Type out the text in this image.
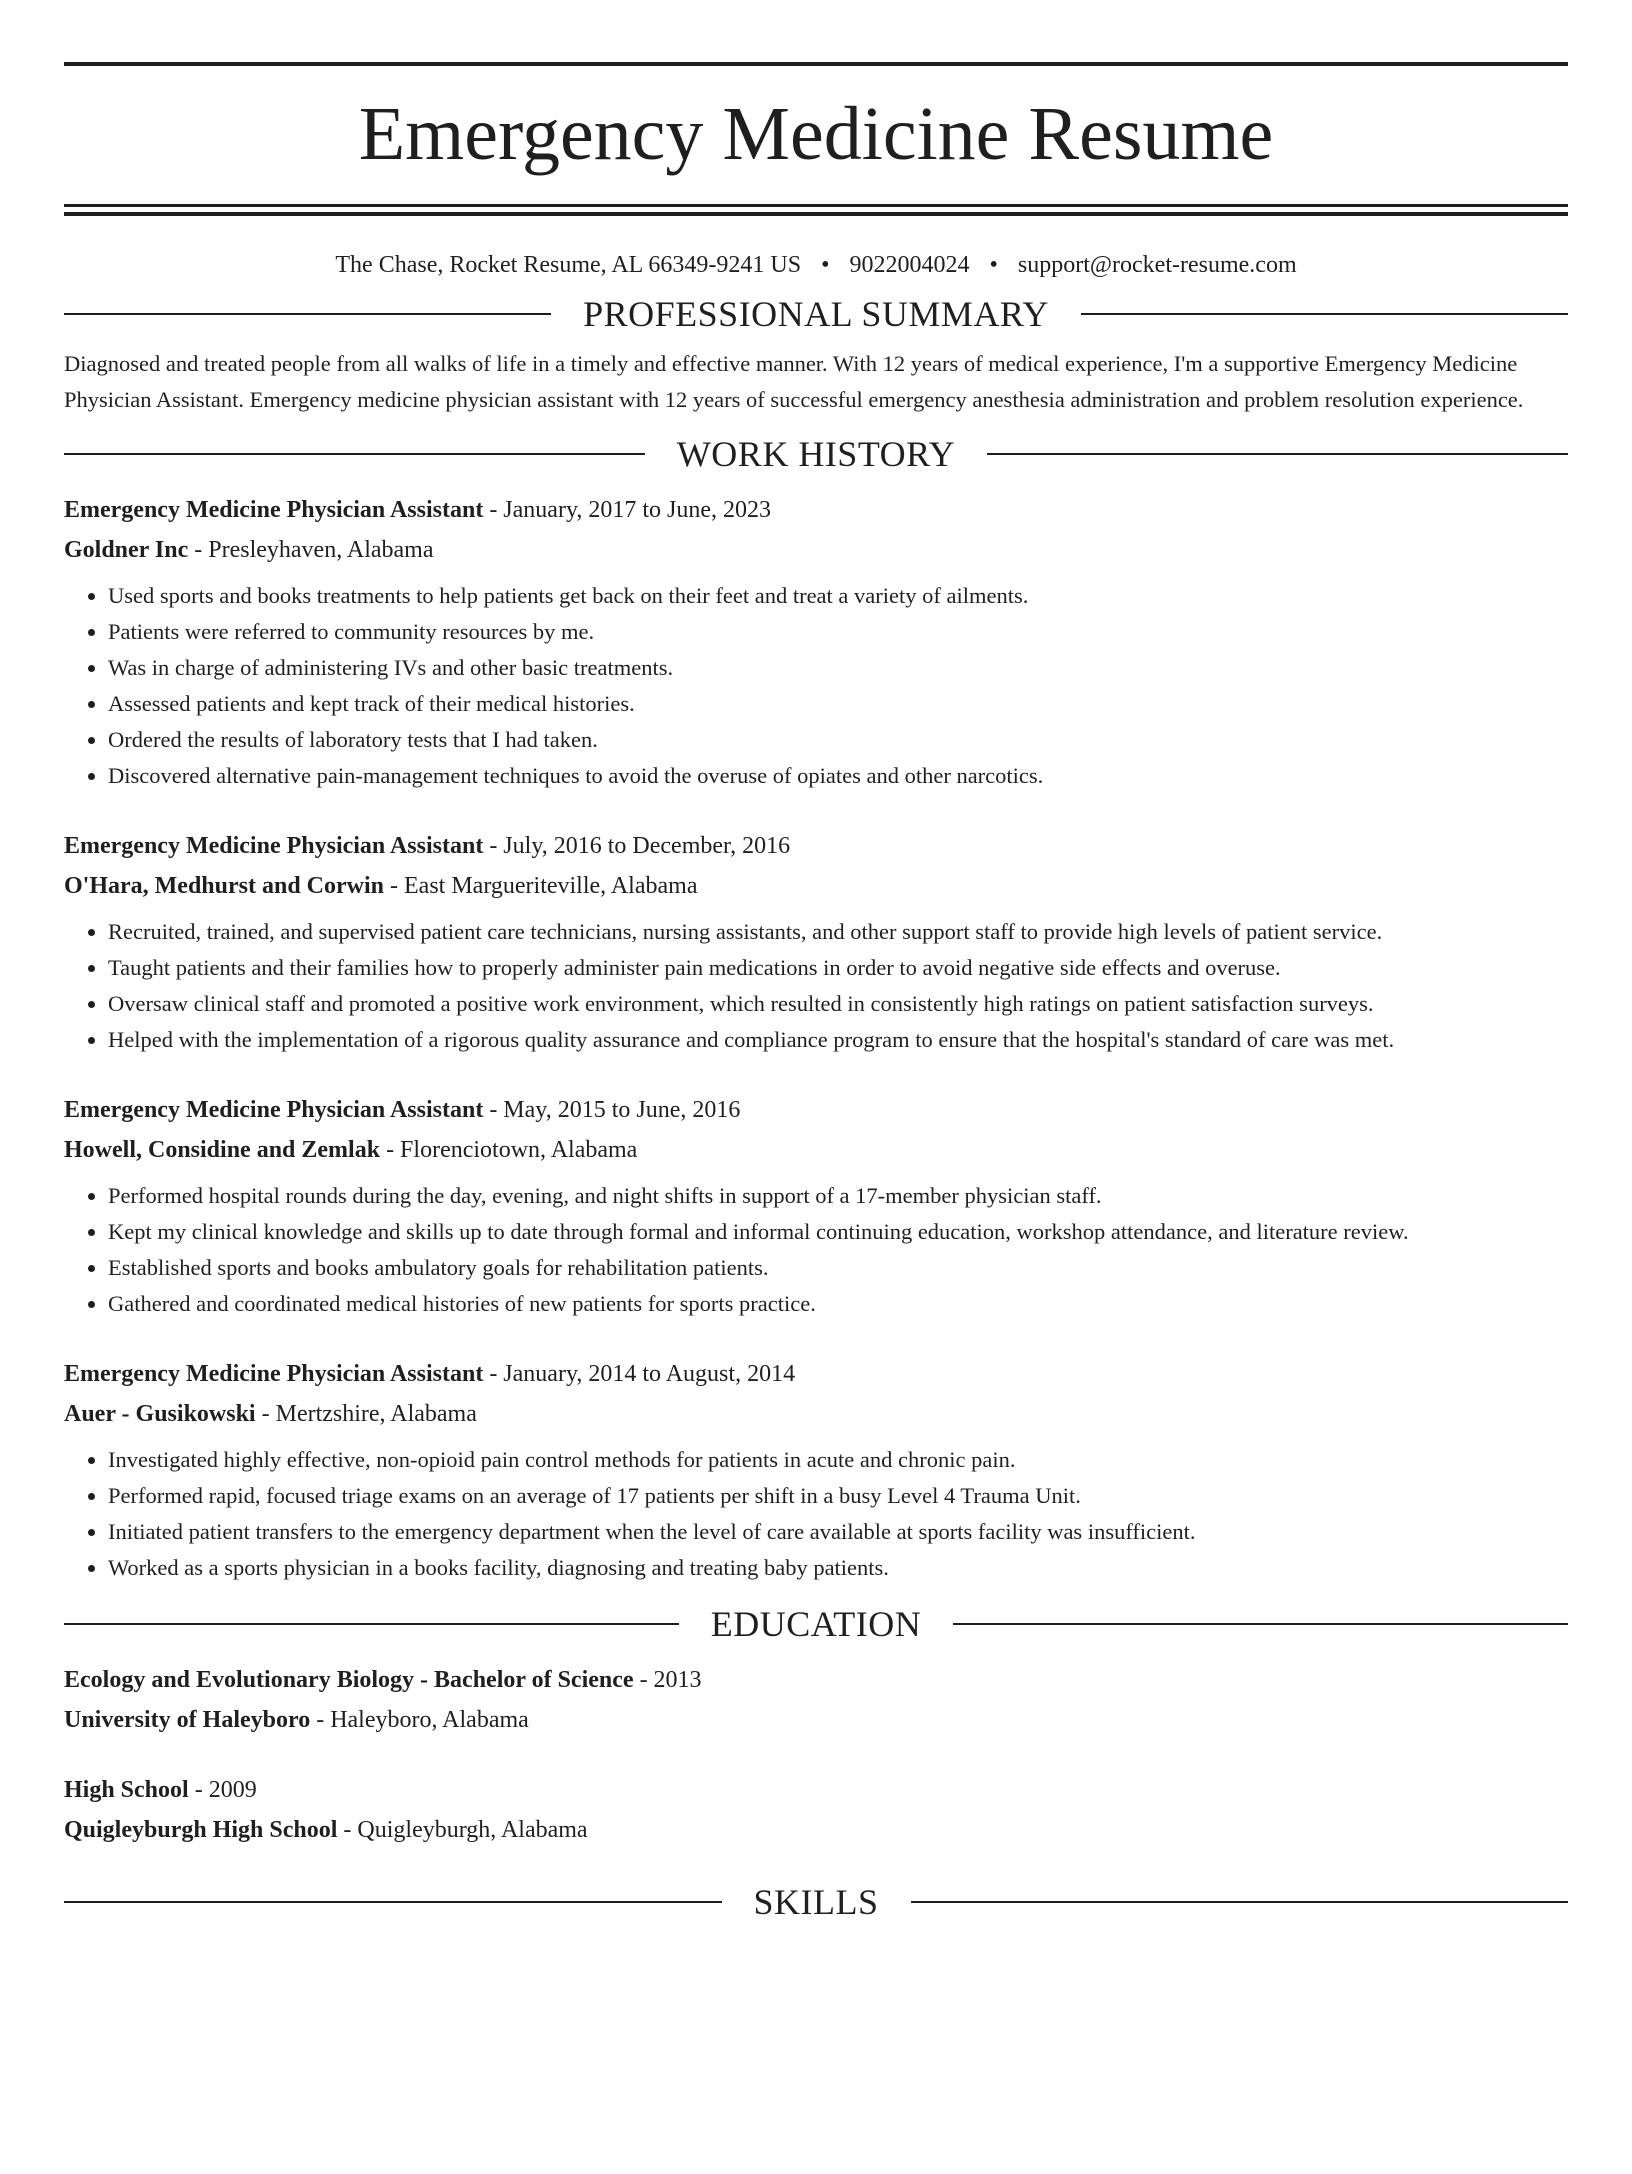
Emergency Medicine Resume
The Chase, Rocket Resume, AL 66349-9241 US • 9022004024 • support@rocket-resume.com
PROFESSIONAL SUMMARY

Diagnosed and treated people from all walks of life in a timely and effective manner. With 12 years of medical experience, I'm a supportive Emergency Medicine Physician Assistant. Emergency medicine physician assistant with 12 years of successful emergency anesthesia administration and problem resolution experience.

WORK HISTORY
Emergency Medicine Physician Assistant - January, 2017 to June, 2023
Goldner Inc - Presleyhaven, Alabama
• Used sports and books treatments to help patients get back on their feet and treat a variety of ailments.
• Patients were referred to community resources by me.
• Was in charge of administering IVs and other basic treatments.
• Assessed patients and kept track of their medical histories.
• Ordered the results of laboratory tests that I had taken.
• Discovered alternative pain-management techniques to avoid the overuse of opiates and other narcotics.
Emergency Medicine Physician Assistant - July, 2016 to December, 2016
O'Hara, Medhurst and Corwin - East Margueriteville, Alabama
• Recruited, trained, and supervised patient care technicians, nursing assistants, and other support staff to provide high levels of patient service.
• Taught patients and their families how to properly administer pain medications in order to avoid negative side effects and overuse.
• Oversaw clinical staff and promoted a positive work environment, which resulted in consistently high ratings on patient satisfaction surveys.
• Helped with the implementation of a rigorous quality assurance and compliance program to ensure that the hospital's standard of care was met.
Emergency Medicine Physician Assistant - May, 2015 to June, 2016
Howell, Considine and Zemlak - Florenciotown, Alabama
• Performed hospital rounds during the day, evening, and night shifts in support of a 17-member physician staff.
• Kept my clinical knowledge and skills up to date through formal and informal continuing education, workshop attendance, and literature review.
• Established sports and books ambulatory goals for rehabilitation patients.
• Gathered and coordinated medical histories of new patients for sports practice.
Emergency Medicine Physician Assistant - January, 2014 to August, 2014
Auer - Gusikowski - Mertzshire, Alabama
• Investigated highly effective, non-opioid pain control methods for patients in acute and chronic pain.
• Performed rapid, focused triage exams on an average of 17 patients per shift in a busy Level 4 Trauma Unit.
• Initiated patient transfers to the emergency department when the level of care available at sports facility was insufficient.
• Worked as a sports physician in a books facility, diagnosing and treating baby patients.
EDUCATION
Ecology and Evolutionary Biology - Bachelor of Science - 2013
University of Haleyboro - Haleyboro, Alabama
High School - 2009
Quigleyburgh High School - Quigleyburgh, Alabama
SKILLS
